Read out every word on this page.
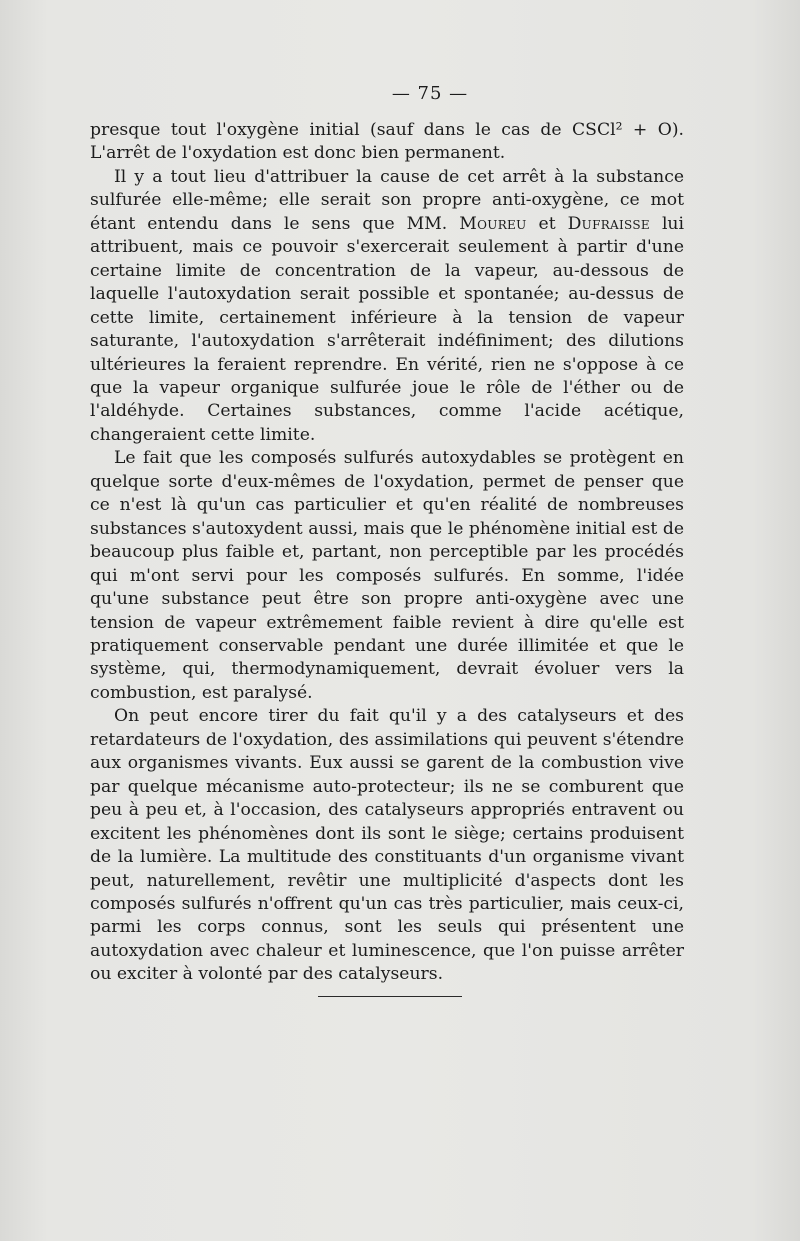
— 75 —

presque tout l'oxygène initial (sauf dans le cas de CSCl² + O). L'arrêt de l'oxydation est donc bien permanent.

Il y a tout lieu d'attribuer la cause de cet arrêt à la substance sulfurée elle-même; elle serait son propre anti-oxygène, ce mot étant entendu dans le sens que MM. Moureu et Dufraisse lui attribuent, mais ce pouvoir s'exercerait seulement à partir d'une certaine limite de concentration de la vapeur, au-dessous de laquelle l'autoxydation serait possible et spontanée; au-dessus de cette limite, certainement inférieure à la tension de vapeur saturante, l'autoxydation s'arrêterait indéfiniment; des dilutions ultérieures la feraient reprendre. En vérité, rien ne s'oppose à ce que la vapeur organique sulfurée joue le rôle de l'éther ou de l'aldéhyde. Certaines substances, comme l'acide acétique, changeraient cette limite.

Le fait que les composés sulfurés autoxydables se protègent en quelque sorte d'eux-mêmes de l'oxydation, permet de penser que ce n'est là qu'un cas particulier et qu'en réalité de nombreuses substances s'autoxydent aussi, mais que le phénomène initial est de beaucoup plus faible et, partant, non perceptible par les procédés qui m'ont servi pour les composés sulfurés. En somme, l'idée qu'une substance peut être son propre anti-oxygène avec une tension de vapeur extrêmement faible revient à dire qu'elle est pratiquement conservable pendant une durée illimitée et que le système, qui, thermodynamiquement, devrait évoluer vers la combustion, est paralysé.

On peut encore tirer du fait qu'il y a des catalyseurs et des retardateurs de l'oxydation, des assimilations qui peuvent s'étendre aux organismes vivants. Eux aussi se garent de la combustion vive par quelque mécanisme auto-protecteur; ils ne se comburent que peu à peu et, à l'occasion, des catalyseurs appropriés entravent ou excitent les phénomènes dont ils sont le siège; certains produisent de la lumière. La multitude des constituants d'un organisme vivant peut, naturellement, revêtir une multiplicité d'aspects dont les composés sulfurés n'offrent qu'un cas très particulier, mais ceux-ci, parmi les corps connus, sont les seuls qui présentent une autoxydation avec chaleur et luminescence, que l'on puisse arrêter ou exciter à volonté par des catalyseurs.
